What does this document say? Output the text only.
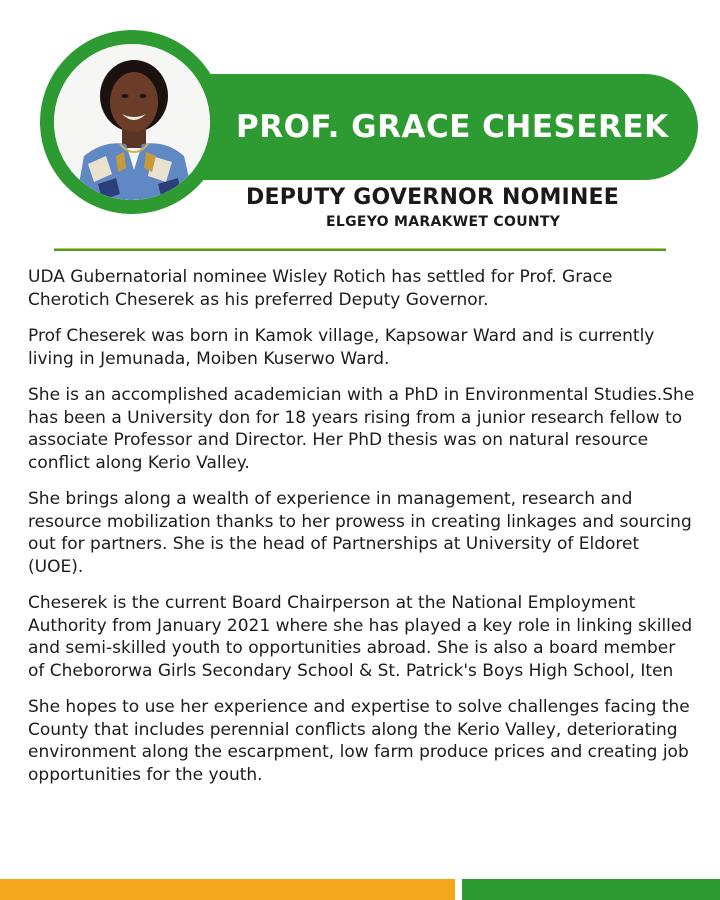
PROF. GRACE CHESEREK
DEPUTY GOVERNOR NOMINEE
ELGEYO MARAKWET COUNTY

UDA Gubernatorial nominee Wisley Rotich has settled for Prof. Grace Cherotich Cheserek as his preferred Deputy Governor.

Prof Cheserek was born in Kamok village, Kapsowar Ward and is currently living in Jemunada, Moiben Kuserwo Ward.

She is an accomplished academician with a PhD in Environmental Studies.She has been a University don for 18 years rising from a junior research fellow to associate Professor and Director. Her PhD thesis was on natural resource conflict along Kerio Valley.

She brings along a wealth of experience in management, research and resource mobilization thanks to her prowess in creating linkages and sourcing out for partners. She is the head of Partnerships at University of Eldoret (UOE).

Cheserek is the current Board Chairperson at the National Employment Authority from January 2021 where she has played a key role in linking skilled and semi-skilled youth to opportunities abroad. She is also a board member of Chebororwa Girls Secondary School & St. Patrick's Boys High School, Iten

She hopes to use her experience and expertise to solve challenges facing the County that includes perennial conflicts along the Kerio Valley, deteriorating environment along the escarpment, low farm produce prices and creating job opportunities for the youth.
